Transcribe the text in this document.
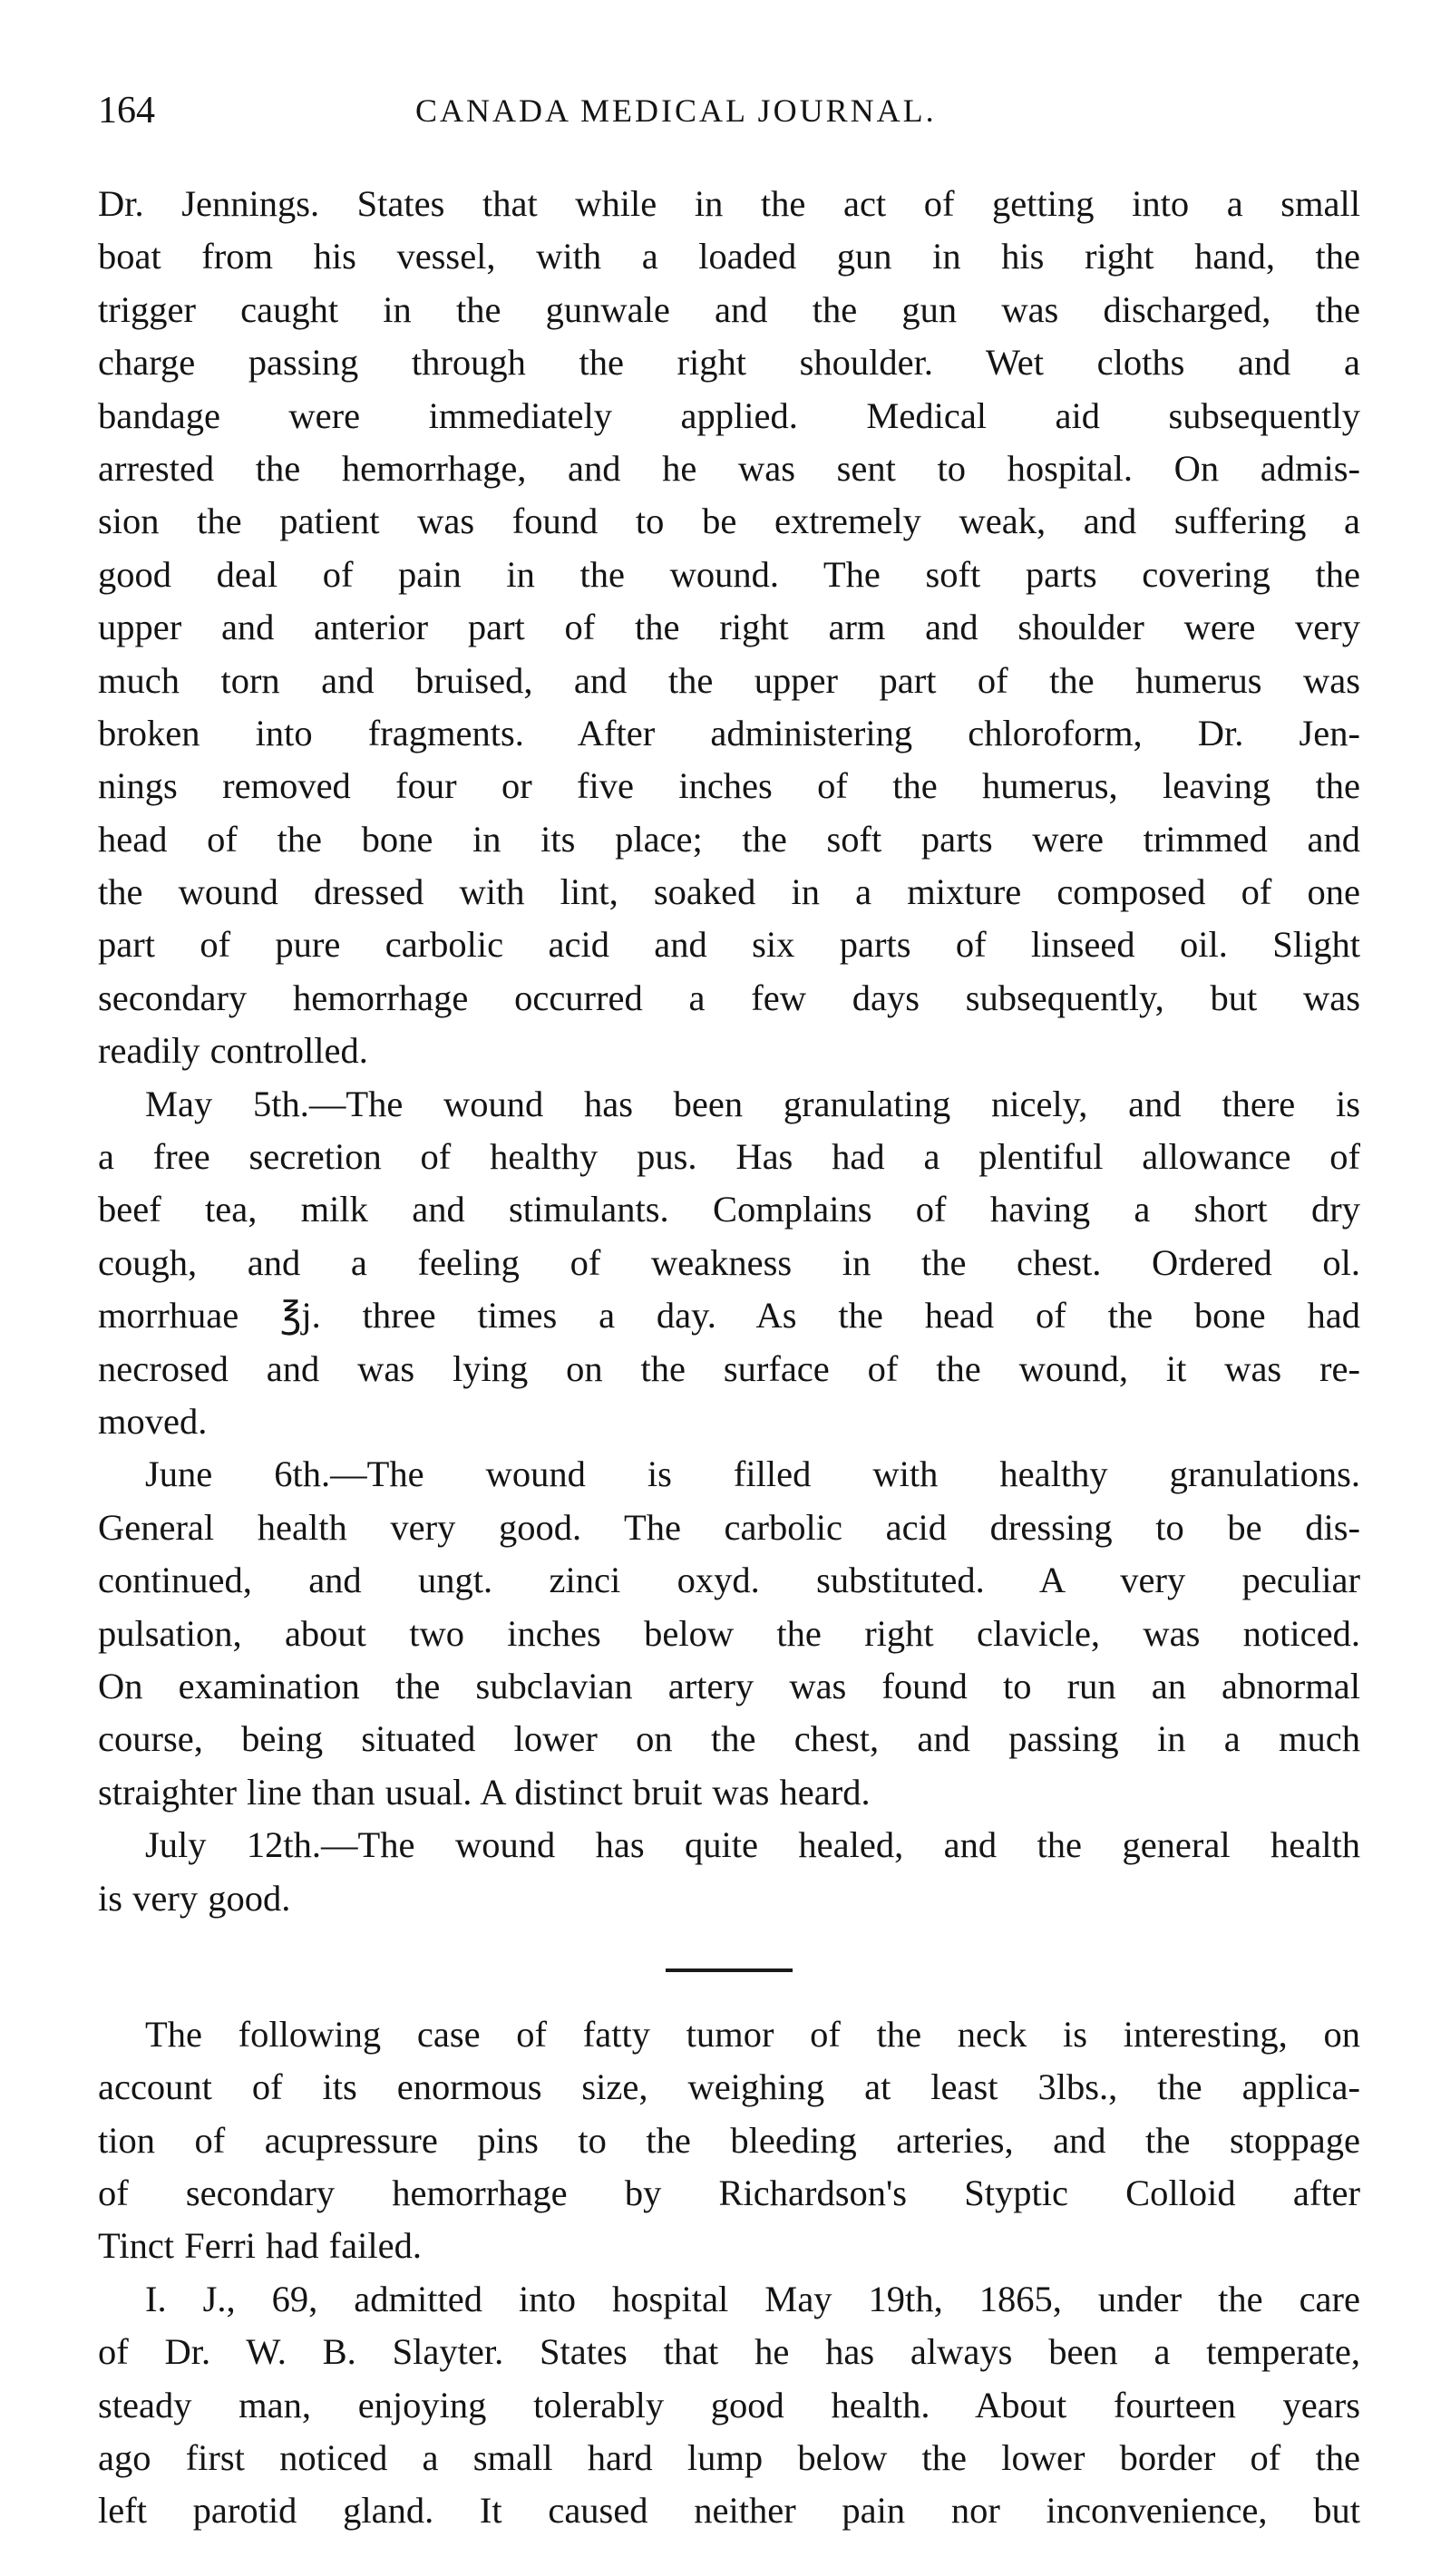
164	CANADA MEDICAL JOURNAL.
Dr. Jennings. States that while in the act of getting into a small
boat from his vessel, with a loaded gun in his right hand, the
trigger caught in the gunwale and the gun was discharged, the
charge passing through the right shoulder. Wet cloths and a
bandage were immediately applied. Medical aid subsequently
arrested the hemorrhage, and he was sent to hospital. On admis-
sion the patient was found to be extremely weak, and suffering a
good deal of pain in the wound. The soft parts covering the
upper and anterior part of the right arm and shoulder were very
much torn and bruised, and the upper part of the humerus was
broken into fragments. After administering chloroform, Dr. Jen-
nings removed four or five inches of the humerus, leaving the
head of the bone in its place; the soft parts were trimmed and
the wound dressed with lint, soaked in a mixture composed of one
part of pure carbolic acid and six parts of linseed oil. Slight
secondary hemorrhage occurred a few days subsequently, but was
readily controlled.
May 5th.—The wound has been granulating nicely, and there is
a free secretion of healthy pus. Has had a plentiful allowance of
beef tea, milk and stimulants. Complains of having a short dry
cough, and a feeling of weakness in the chest. Ordered ol.
morrhuae ℥j. three times a day. As the head of the bone had
necrosed and was lying on the surface of the wound, it was re-
moved.
June 6th.—The wound is filled with healthy granulations.
General health very good. The carbolic acid dressing to be dis-
continued, and ungt. zinci oxyd. substituted. A very peculiar
pulsation, about two inches below the right clavicle, was noticed.
On examination the subclavian artery was found to run an abnormal
course, being situated lower on the chest, and passing in a much
straighter line than usual. A distinct bruit was heard.
July 12th.—The wound has quite healed, and the general health
is very good.
The following case of fatty tumor of the neck is interesting, on
account of its enormous size, weighing at least 3lbs., the applica-
tion of acupressure pins to the bleeding arteries, and the stoppage
of secondary hemorrhage by Richardson's Styptic Colloid after
Tinct Ferri had failed.
I. J., 69, admitted into hospital May 19th, 1865, under the care
of Dr. W. B. Slayter. States that he has always been a temperate,
steady man, enjoying tolerably good health. About fourteen years
ago first noticed a small hard lump below the lower border of the
left parotid gland. It caused neither pain nor inconvenience, but
